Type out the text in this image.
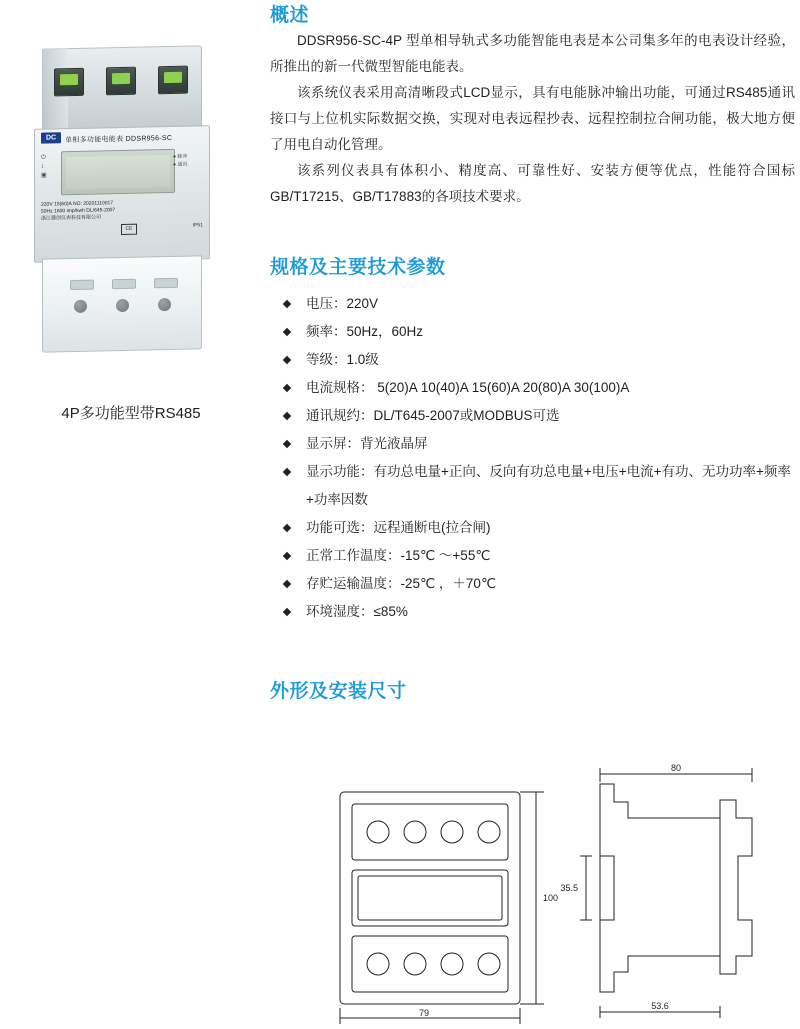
DC	单相多功能电能表 DDSR956-SC
⏻
↕
▣
● 脉冲
● 通讯
220V 15(60)A NO: 20201110017
50Hz 1600 imp/kwh DL/645-2007
浙江德创仪表科技有限公司
CE
IP51
4P多功能型带RS485
概述

DDSR956-SC-4P 型单相导轨式多功能智能电表是本公司集多年的电表设计经验，所推出的新一代微型智能电能表。

该系统仪表采用高清晰段式LCD显示，具有电能脉冲输出功能，可通过RS485通讯接口与上位机实际数据交换，实现对电表远程抄表、远程控制拉合闸功能，极大地方便了用电自动化管理。

该系列仪表具有体积小、精度高、可靠性好、安装方便等优点，性能符合国标GB/T17215、GB/T17883的各项技术要求。

规格及主要技术参数
电压：220V
频率：50Hz，60Hz
等级：1.0级
电流规格： 5(20)A 10(40)A 15(60)A 20(80)A 30(100)A
通讯规约：DL/T645-2007或MODBUS可选
显示屏：背光液晶屏
显示功能：有功总电量+正向、反向有功总电量+电压+电流+有功、无功功率+频率+功率因数
功能可选：远程通断电(拉合闸)
正常工作温度：-15℃ ～+55℃
存贮运输温度：-25℃ ，＋70℃
环境湿度：≤85%
外形及安装尺寸
100
79
80
35.5
53.6
